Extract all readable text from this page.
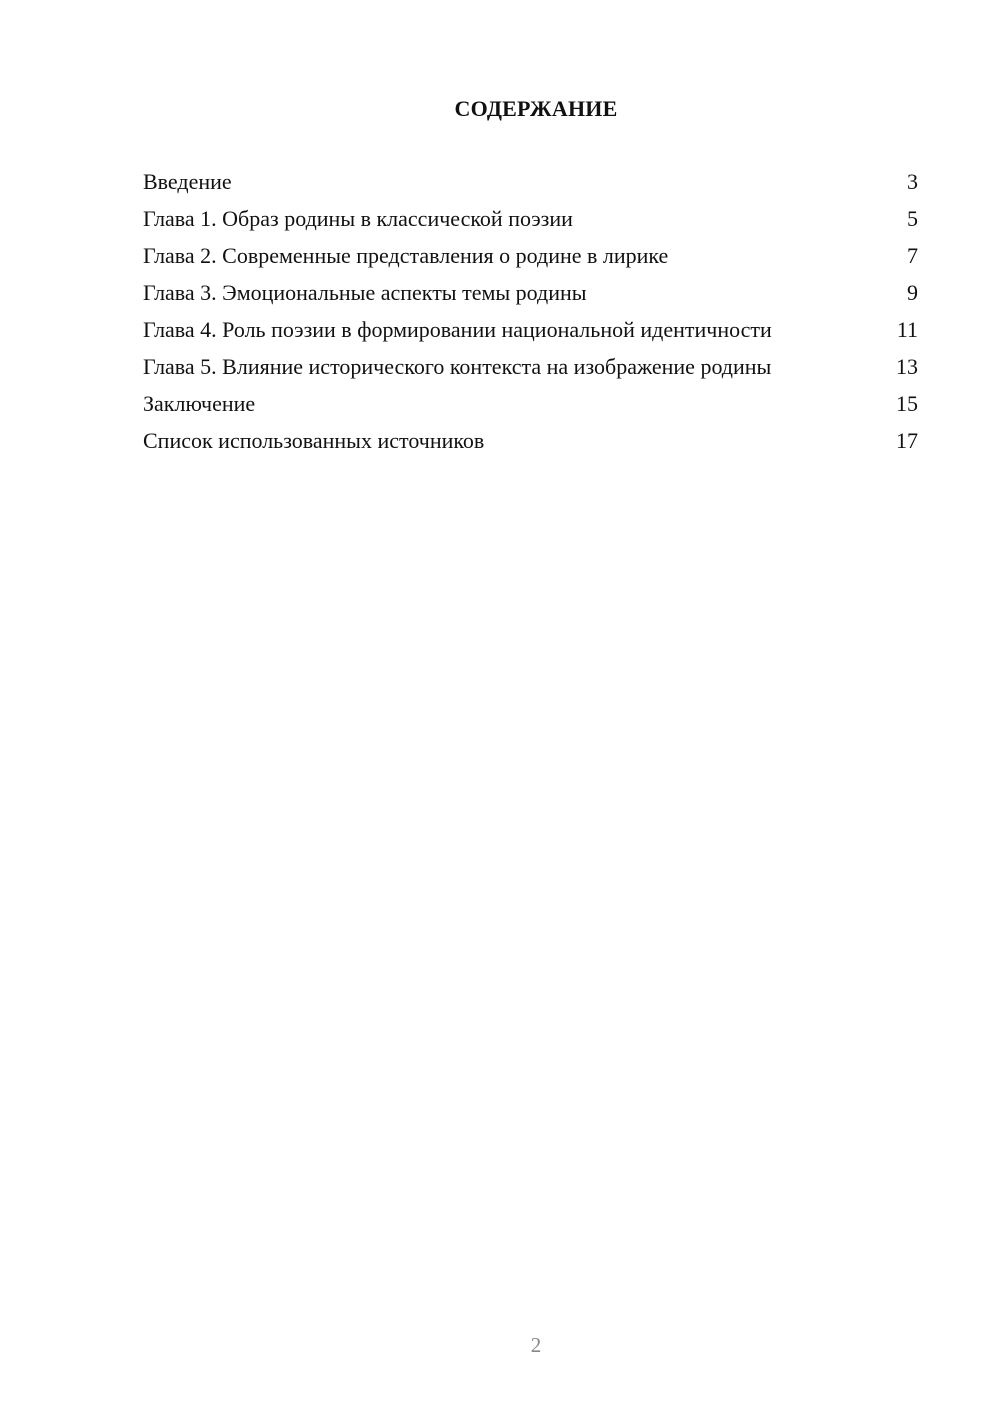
СОДЕРЖАНИЕ
Введение	3
Глава 1. Образ родины в классической поэзии	5
Глава 2. Современные представления о родине в лирике	7
Глава 3. Эмоциональные аспекты темы родины	9
Глава 4. Роль поэзии в формировании национальной идентичности	11
Глава 5. Влияние исторического контекста на изображение родины	13
Заключение	15
Список использованных источников	17
2
